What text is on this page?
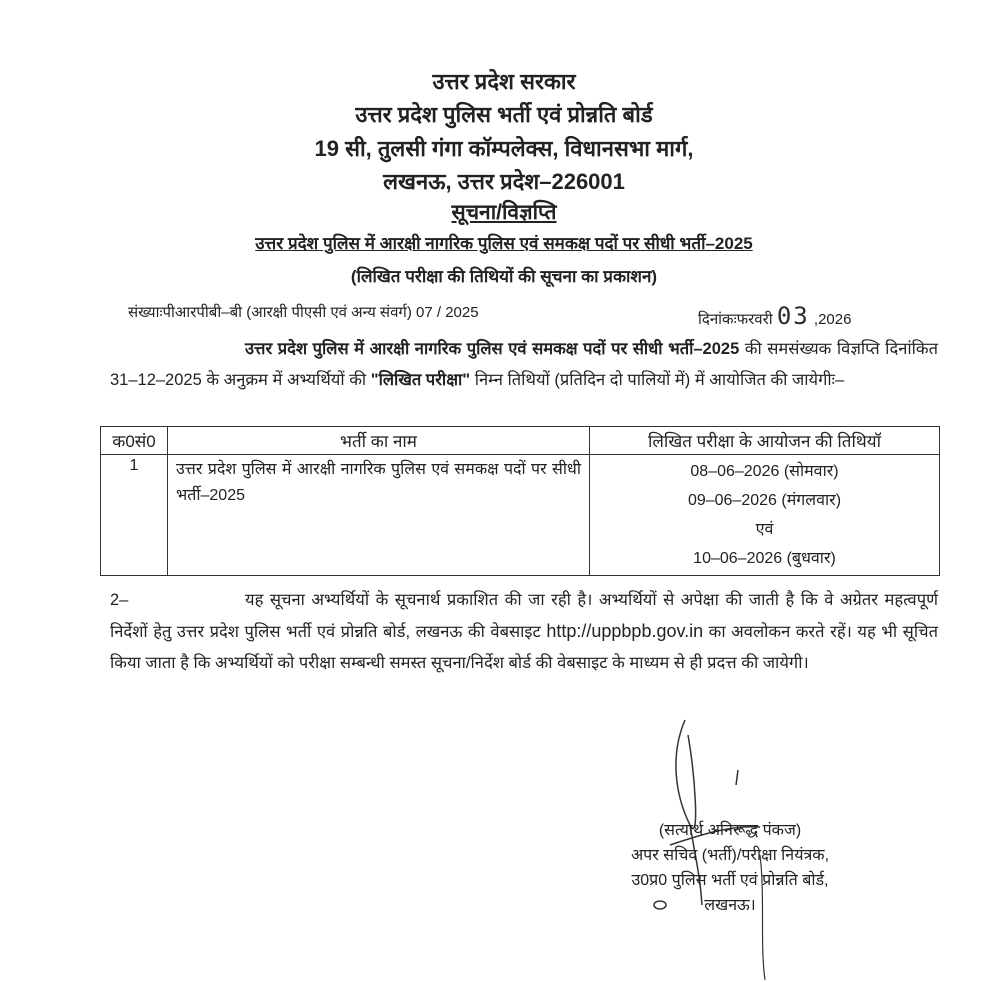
उत्तर प्रदेश सरकार
उत्तर प्रदेश पुलिस भर्ती एवं प्रोन्नति बोर्ड
19 सी, तुलसी गंगा कॉम्पलेक्स, विधानसभा मार्ग,
लखनऊ, उत्तर प्रदेश–226001
सूचना/विज्ञप्ति
उत्तर प्रदेश पुलिस में आरक्षी नागरिक पुलिस एवं समकक्ष पदों पर सीधी भर्ती–2025
(लिखित परीक्षा की तिथियों की सूचना का प्रकाशन)
संख्याःपीआरपीबी–बी (आरक्षी पीएसी एवं अन्य संवर्ग) 07 / 2025	दिनांकःफरवरी 03 ,2026
उत्तर प्रदेश पुलिस में आरक्षी नागरिक पुलिस एवं समकक्ष पदों पर सीधी भर्ती–2025 की समसंख्यक विज्ञप्ति दिनांकित 31–12–2025 के अनुक्रम में अभ्यर्थियों की "लिखित परीक्षा" निम्न तिथियों (प्रतिदिन दो पालियों में) में आयोजित की जायेगीः–
क0सं0	भर्ती का नाम	लिखित परीक्षा के आयोजन की तिथियॉ
1	उत्तर प्रदेश पुलिस में आरक्षी नागरिक पुलिस एवं समकक्ष पदों पर सीधी भर्ती–2025	08–06–2026 (सोमवार)
09–06–2026 (मंगलवार)
एवं
10–06–2026 (बुधवार)
2–	यह सूचना अभ्यर्थियों के सूचनार्थ प्रकाशित की जा रही है। अभ्यर्थियों से अपेक्षा की जाती है कि वे अग्रेतर महत्वपूर्ण निर्देशों हेतु उत्तर प्रदेश पुलिस भर्ती एवं प्रोन्नति बोर्ड, लखनऊ की वेबसाइट http://uppbpb.gov.in का अवलोकन करते रहें। यह भी सूचित किया जाता है कि अभ्यर्थियों को परीक्षा सम्बन्धी समस्त सूचना/निर्देश बोर्ड की वेबसाइट के माध्यम से ही प्रदत्त की जायेगी।
(सत्यार्थ अनिरूद्ध पंकज)
अपर सचिव (भर्ती)/परीक्षा नियंत्रक,
उ0प्र0 पुलिस भर्ती एवं प्रोन्नति बोर्ड,
लखनऊ।
